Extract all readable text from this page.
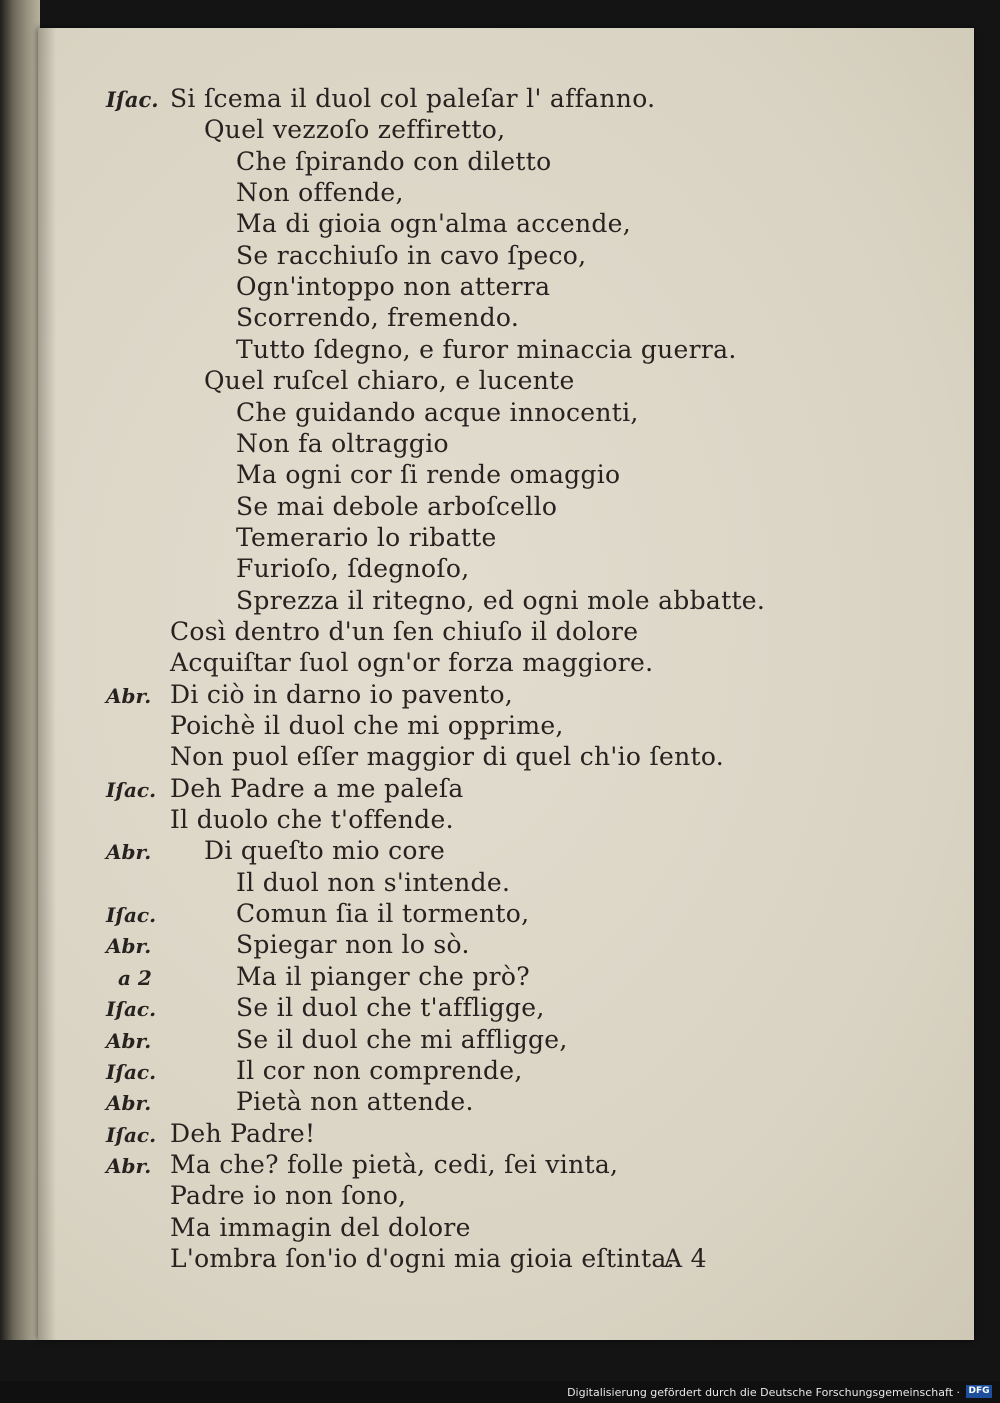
Si ſcema il duol col paleſar l' affanno.
Quel vezzoſo zeffiretto,
Che ſpirando con diletto
Non offende,
Ma di gioia ogn'alma accende,
Se racchiuſo in cavo ſpeco,
Ogn'intoppo non atterra
Scorrendo, fremendo.
Tutto ſdegno, e furor minaccia guerra.
Quel ruſcel chiaro, e lucente
Che guidando acque innocenti,
Non fa oltraggio
Ma ogni cor ſi rende omaggio
Se mai debole arboſcello
Temerario lo ribatte
Furioſo, ſdegnoſo,
Sprezza il ritegno, ed ogni mole abbatte.
Così dentro d'un ſen chiuſo il dolore
Acquiſtar ſuol ogn'or forza maggiore.
Di ciò in darno io pavento,
Poichè il duol che mi opprime,
Non puol eſſer maggior di quel ch'io ſento.
Deh Padre a me paleſa
Il duolo che t'offende.
Di queſto mio core
Il duol non s'intende.
Comun ſia il tormento,
Spiegar non lo sò.
Ma il pianger che prò?
Se il duol che t'affligge,
Se il duol che mi affligge,
Il cor non comprende,
Pietà non attende.
Deh Padre!
Ma che? folle pietà, cedi, ſei vinta,
Padre io non ſono,
Ma immagin del dolore
L'ombra ſon'io d'ogni mia gioia eſtinta.
A 4
Iſac.
Abr.
Iſac.
Abr.
Iſac.
Abr.
a 2
Iſac.
Abr.
Iſac.
Abr.
Iſac.
Abr.
Digitalisierung gefördert durch die Deutsche Forschungsgemeinschaft · DFG
